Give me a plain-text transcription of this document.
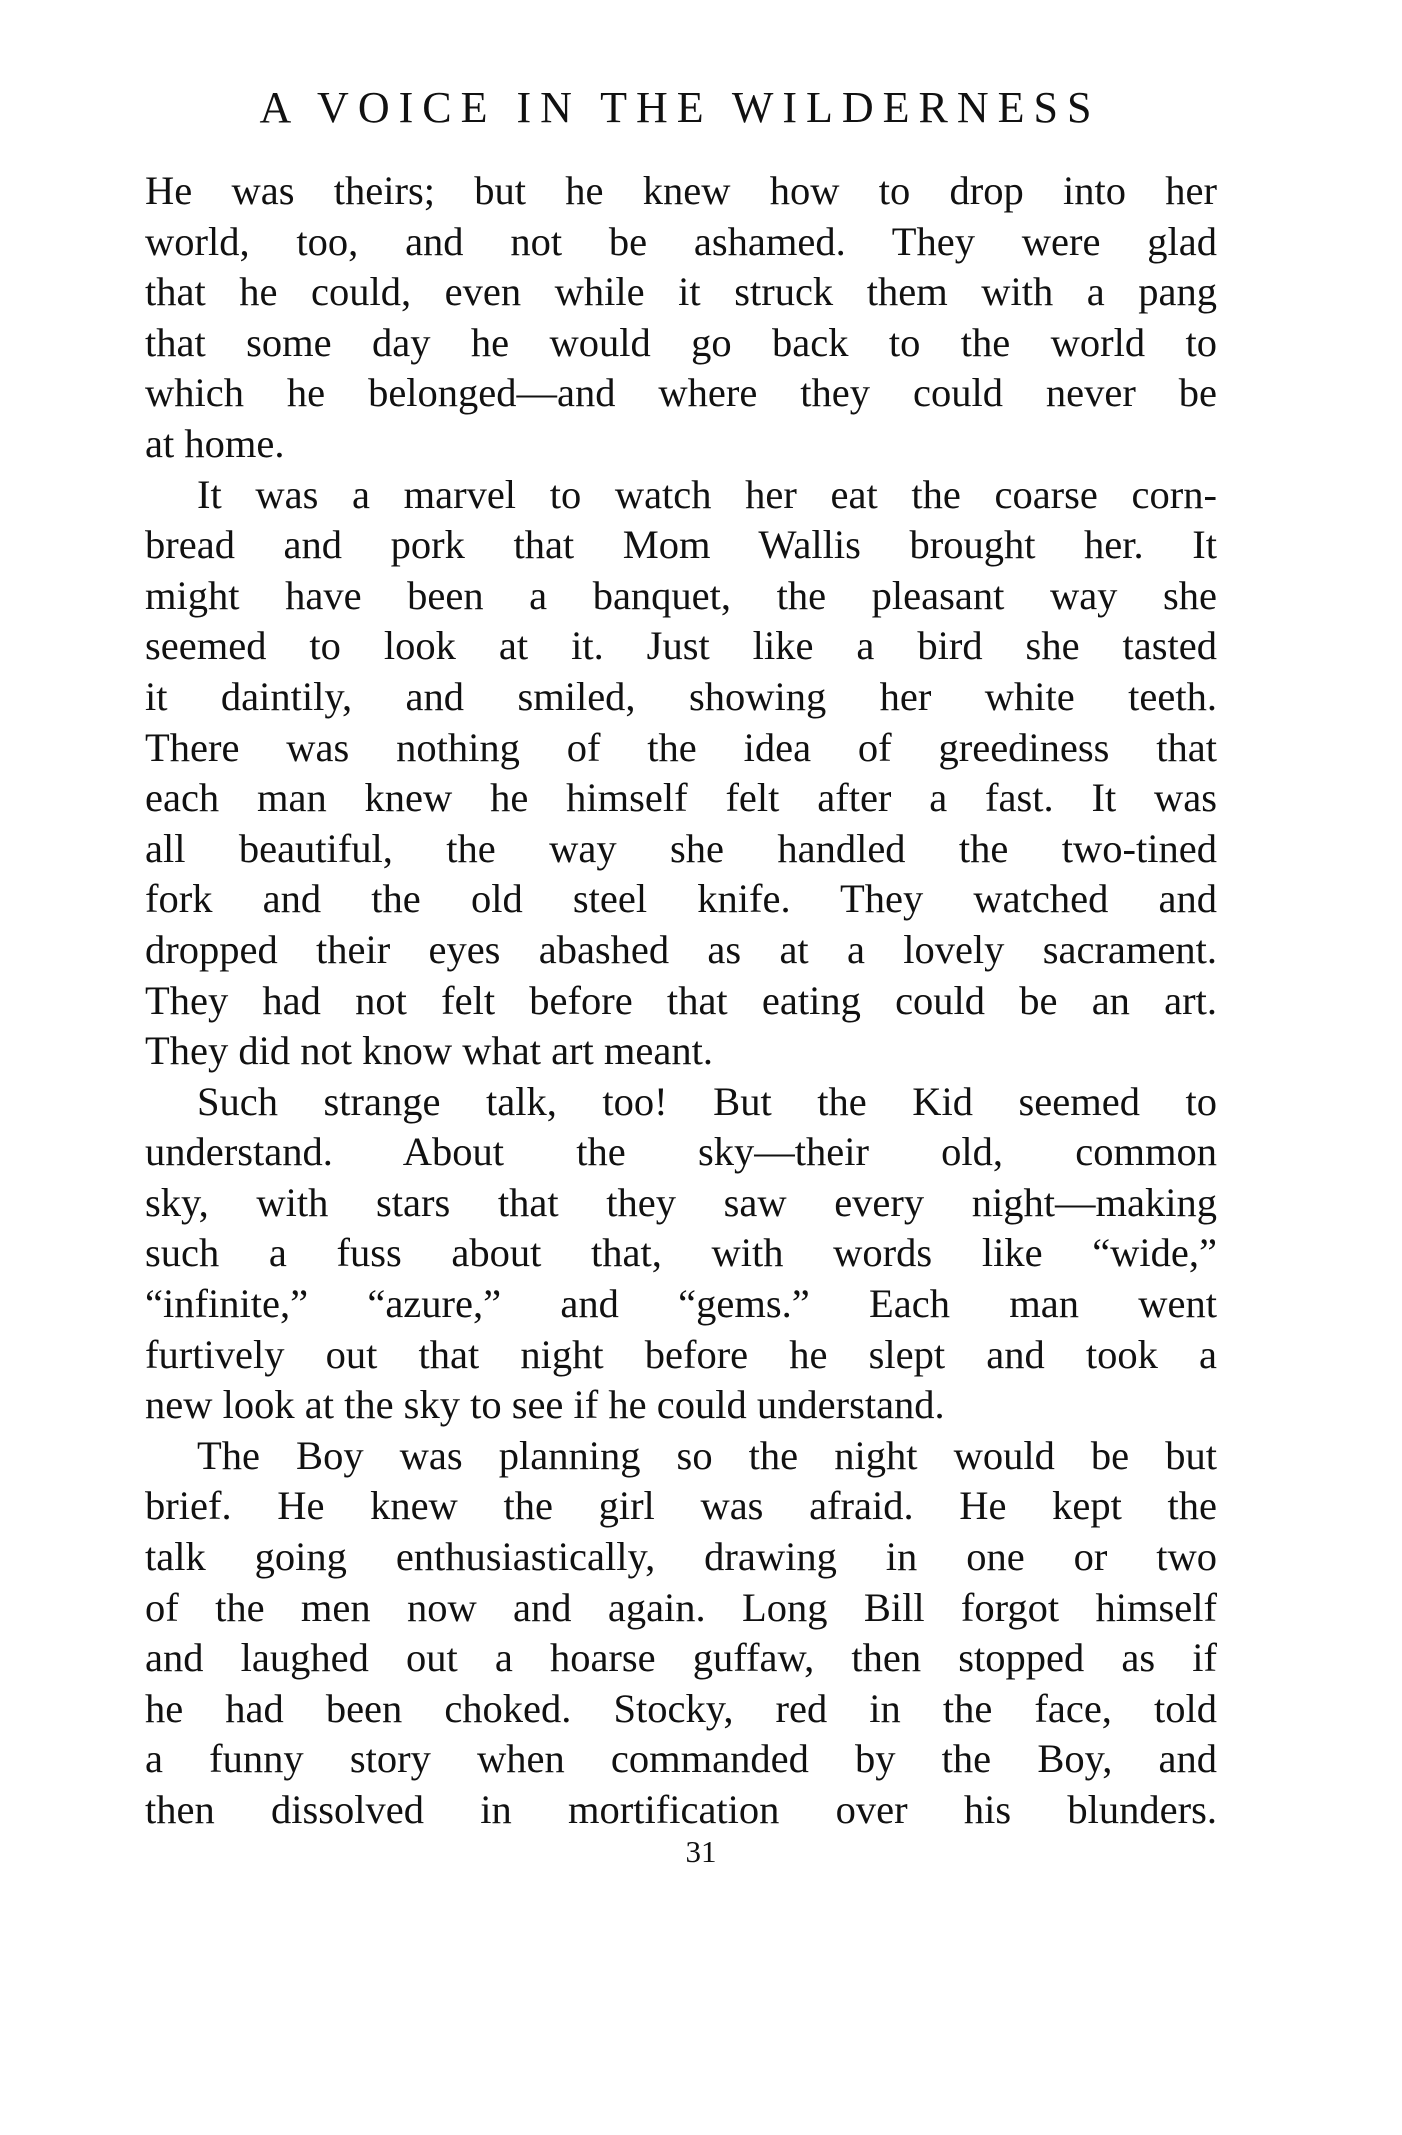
A VOICE IN THE WILDERNESS
He was theirs; but he knew how to drop into her
world, too, and not be ashamed. They were glad
that he could, even while it struck them with a pang
that some day he would go back to the world to
which he belonged—and where they could never be
at home.
It was a marvel to watch her eat the coarse corn-
bread and pork that Mom Wallis brought her. It
might have been a banquet, the pleasant way she
seemed to look at it. Just like a bird she tasted
it daintily, and smiled, showing her white teeth.
There was nothing of the idea of greediness that
each man knew he himself felt after a fast. It was
all beautiful, the way she handled the two-tined
fork and the old steel knife. They watched and
dropped their eyes abashed as at a lovely sacrament.
They had not felt before that eating could be an art.
They did not know what art meant.
Such strange talk, too! But the Kid seemed to
understand. About the sky—their old, common
sky, with stars that they saw every night—making
such a fuss about that, with words like “wide,”
“infinite,” “azure,” and “gems.” Each man went
furtively out that night before he slept and took a
new look at the sky to see if he could understand.
The Boy was planning so the night would be but
brief. He knew the girl was afraid. He kept the
talk going enthusiastically, drawing in one or two
of the men now and again. Long Bill forgot himself
and laughed out a hoarse guffaw, then stopped as if
he had been choked. Stocky, red in the face, told
a funny story when commanded by the Boy, and
then dissolved in mortification over his blunders.
31
